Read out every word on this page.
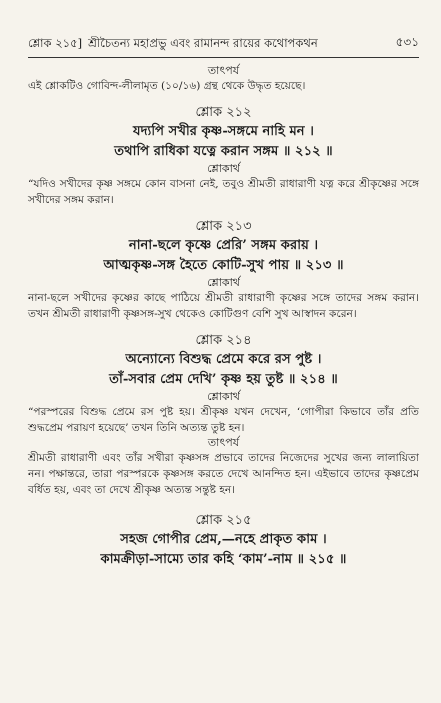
শ্লোক ২১৫] শ্রীচৈতন্য মহাপ্রভু এবং রামানন্দ রায়ের কথোপকথন	৫৩১
তাৎপর্য

এই শ্লোকটিও গোবিন্দ-লীলামৃত (১০/১৬) গ্রন্থ থেকে উদ্ধৃত হয়েছে।

শ্লোক ২১২
যদ্যপি সখীর কৃষ্ণ-সঙ্গমে নাহি মন ।
তথাপি রাধিকা যত্নে করান সঙ্গম ॥ ২১২ ॥
শ্লোকার্থ

“যদিও সখীদের কৃষ্ণ সঙ্গমে কোন বাসনা নেই, তবুও শ্রীমতী রাধারাণী যত্ন করে শ্রীকৃষ্ণের সঙ্গে সখীদের সঙ্গম করান।

শ্লোক ২১৩
নানা-ছলে কৃষ্ণে প্রেরি’ সঙ্গম করায় ।
আত্মকৃষ্ণ-সঙ্গ হৈতে কোটি-সুখ পায় ॥ ২১৩ ॥
শ্লোকার্থ

নানা-ছলে সখীদের কৃষ্ণের কাছে পাঠিয়ে শ্রীমতী রাধারাণী কৃষ্ণের সঙ্গে তাদের সঙ্গম করান। তখন শ্রীমতী রাধারাণী কৃষ্ণসঙ্গ-সুখ থেকেও কোটিগুণ বেশি সুখ আস্বাদন করেন।

শ্লোক ২১৪
অন্যোন্যে বিশুদ্ধ প্রেমে করে রস পুষ্ট ।
তাঁ-সবার প্রেম দেখি’ কৃষ্ণ হয় তুষ্ট ॥ ২১৪ ॥
শ্লোকার্থ

“পরস্পরের বিশুদ্ধ প্রেমে রস পুষ্ট হয়। শ্রীকৃষ্ণ যখন দেখেন, ‘গোপীরা কিভাবে তাঁর প্রতি শুদ্ধপ্রেম পরায়ণ হয়েছে’ তখন তিনি অত্যন্ত তুষ্ট হন।

তাৎপর্য

শ্রীমতী রাধারাণী এবং তাঁর সখীরা কৃষ্ণসঙ্গ প্রভাবে তাদের নিজেদের সুখের জন্য লালায়িতা নন। পক্ষান্তরে, তারা পরস্পরকে কৃষ্ণসঙ্গ করতে দেখে আনন্দিত হন। এইভাবে তাদের কৃষ্ণপ্রেম বর্ধিত হয়, এবং তা দেখে শ্রীকৃষ্ণ অত্যন্ত সন্তুষ্ট হন।

শ্লোক ২১৫
সহজ গোপীর প্রেম,—নহে প্রাকৃত কাম ।
কামক্রীড়া-সাম্যে তার কহি ‘কাম’-নাম ॥ ২১৫ ॥
